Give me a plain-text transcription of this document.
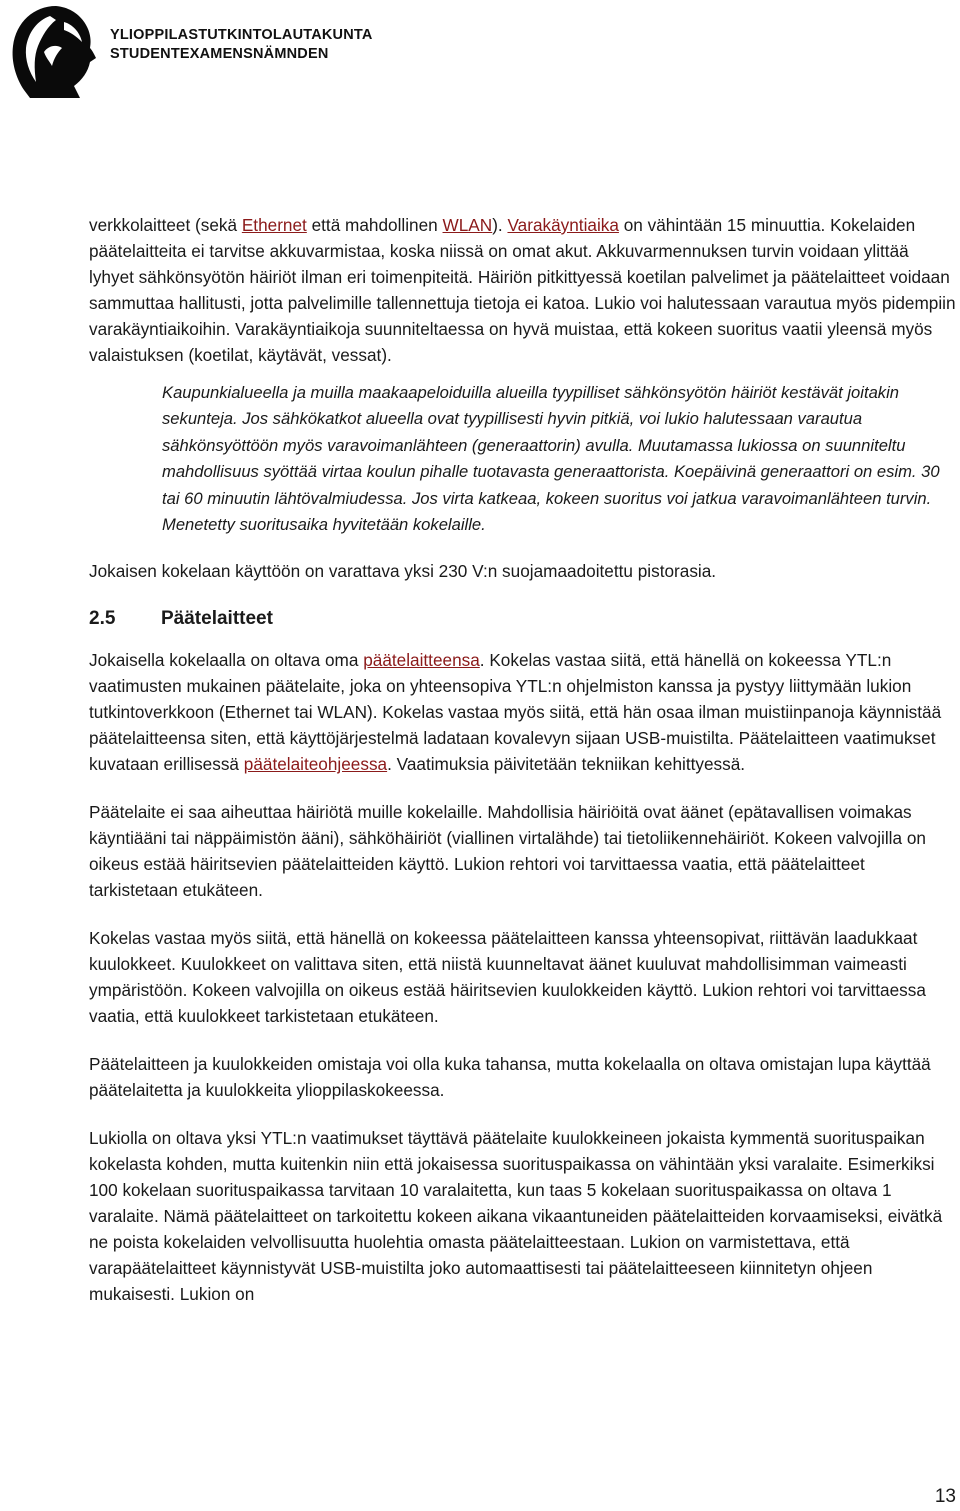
YLIOPPILASTUTKINTOLAUTAKUNTA
STUDENTEXAMENSNÄMNDEN

verkkolaitteet (sekä Ethernet että mahdollinen WLAN). Varakäyntiaika on vähintään 15 minuuttia. Kokelaiden päätelaitteita ei tarvitse akkuvarmistaa, koska niissä on omat akut. Akkuvarmennuksen turvin voidaan ylittää lyhyet sähkönsyötön häiriöt ilman eri toimenpiteitä. Häiriön pitkittyessä koetilan palvelimet ja päätelaitteet voidaan sammuttaa hallitusti, jotta palvelimille tallennettuja tietoja ei katoa. Lukio voi halutessaan varautua myös pidempiin varakäyntiaikoihin. Varakäyntiaikoja suunniteltaessa on hyvä muistaa, että kokeen suoritus vaatii yleensä myös valaistuksen (koetilat, käytävät, vessat).

Kaupunkialueella ja muilla maakaapeloiduilla alueilla tyypilliset sähkönsyötön häiriöt kestävät joitakin sekunteja. Jos sähkökatkot alueella ovat tyypillisesti hyvin pitkiä, voi lukio halutessaan varautua sähkönsyöttöön myös varavoimanlähteen (generaattorin) avulla. Muutamassa lukiossa on suunniteltu mahdollisuus syöttää virtaa koulun pihalle tuotavasta generaattorista. Koepäivinä generaattori on esim. 30 tai 60 minuutin lähtövalmiudessa. Jos virta katkeaa, kokeen suoritus voi jatkua varavoimanlähteen turvin. Menetetty suoritusaika hyvitetään kokelaille.

Jokaisen kokelaan käyttöön on varattava yksi 230 V:n suojamaadoitettu pistorasia.

2.5	Päätelaitteet

Jokaisella kokelaalla on oltava oma päätelaitteensa. Kokelas vastaa siitä, että hänellä on kokeessa YTL:n vaatimusten mukainen päätelaite, joka on yhteensopiva YTL:n ohjelmiston kanssa ja pystyy liittymään lukion tutkintoverkkoon (Ethernet tai WLAN). Kokelas vastaa myös siitä, että hän osaa ilman muistiinpanoja käynnistää päätelaitteensa siten, että käyttöjärjestelmä ladataan kovalevyn sijaan USB-muistilta. Päätelaitteen vaatimukset kuvataan erillisessä päätelaiteohjeessa. Vaatimuksia päivitetään tekniikan kehittyessä.

Päätelaite ei saa aiheuttaa häiriötä muille kokelaille. Mahdollisia häiriöitä ovat äänet (epätavallisen voimakas käyntiääni tai näppäimistön ääni), sähköhäiriöt (viallinen virtalähde) tai tietoliikennehäiriöt. Kokeen valvojilla on oikeus estää häiritsevien päätelaitteiden käyttö. Lukion rehtori voi tarvittaessa vaatia, että päätelaitteet tarkistetaan etukäteen.

Kokelas vastaa myös siitä, että hänellä on kokeessa päätelaitteen kanssa yhteensopivat, riittävän laadukkaat kuulokkeet. Kuulokkeet on valittava siten, että niistä kuunneltavat äänet kuuluvat mahdollisimman vaimeasti ympäristöön. Kokeen valvojilla on oikeus estää häiritsevien kuulokkeiden käyttö. Lukion rehtori voi tarvittaessa vaatia, että kuulokkeet tarkistetaan etukäteen.

Päätelaitteen ja kuulokkeiden omistaja voi olla kuka tahansa, mutta kokelaalla on oltava omistajan lupa käyttää päätelaitetta ja kuulokkeita ylioppilaskokeessa.

Lukiolla on oltava yksi YTL:n vaatimukset täyttävä päätelaite kuulokkeineen jokaista kymmentä suorituspaikan kokelasta kohden, mutta kuitenkin niin että jokaisessa suorituspaikassa on vähintään yksi varalaite. Esimerkiksi 100 kokelaan suorituspaikassa tarvitaan 10 varalaitetta, kun taas 5 kokelaan suorituspaikassa on oltava 1 varalaite. Nämä päätelaitteet on tarkoitettu kokeen aikana vikaantuneiden päätelaitteiden korvaamiseksi, eivätkä ne poista kokelaiden velvollisuutta huolehtia omasta päätelaitteestaan. Lukion on varmistettava, että varapäätelaitteet käynnistyvät USB-muistilta joko automaattisesti tai päätelaitteeseen kiinnitetyn ohjeen mukaisesti. Lukion on

13
